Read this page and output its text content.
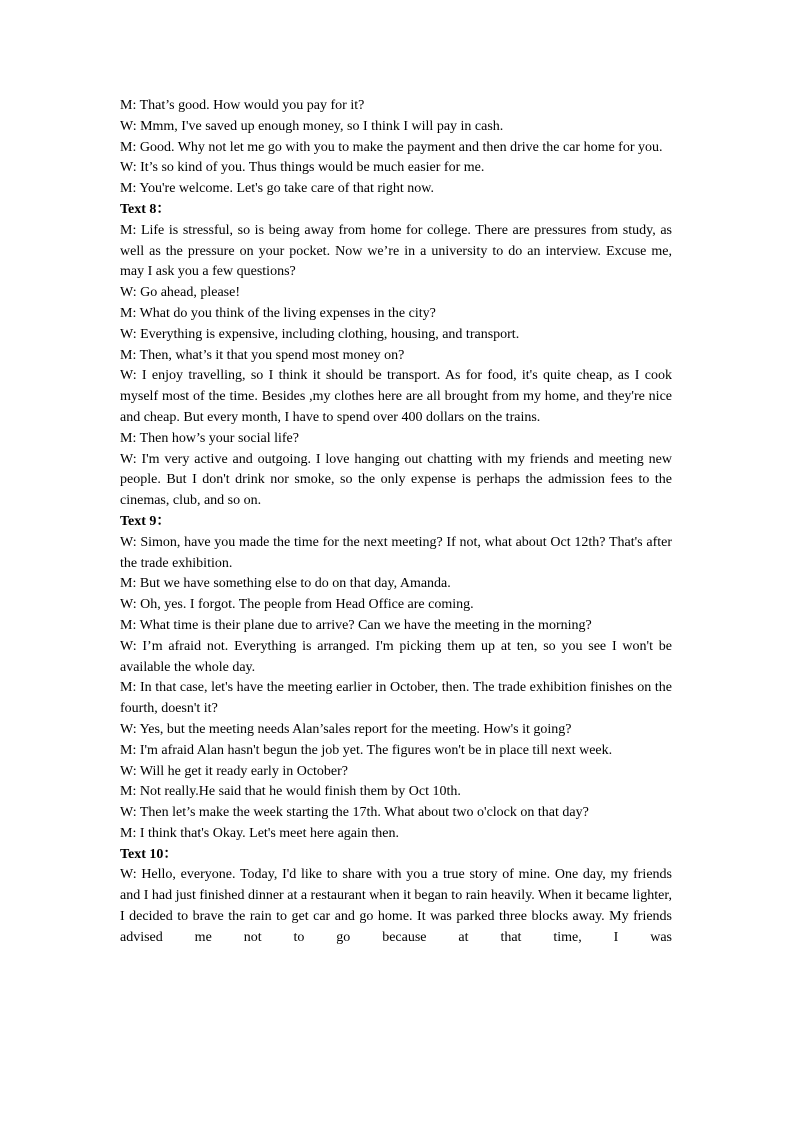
M: That’s good. How would you pay for it?

W: Mmm, I've saved up enough money, so I think I will pay in cash.

M: Good. Why not let me go with you to make the payment and then drive the car home for you.

W: It’s so kind of you. Thus things would be much easier for me.

M: You're welcome. Let's go take care of that right now.

Text 8：

M: Life is stressful, so is being away from home for college. There are pressures from study, as well as the pressure on your pocket. Now we’re in a university to do an interview. Excuse me, may I ask you a few questions?

W: Go ahead, please!

M: What do you think of the living expenses in the city?

W: Everything is expensive, including clothing, housing, and transport.

M: Then, what’s it that you spend most money on?

W: I enjoy travelling, so I think it should be transport. As for food, it's quite cheap, as I cook myself most of the time. Besides ,my clothes here are all brought from my home, and they're nice and cheap. But every month, I have to spend over 400 dollars on the trains.

M: Then how’s your social life?

W: I'm very active and outgoing. I love hanging out chatting with my friends and meeting new people. But I don't drink nor smoke, so the only expense is perhaps the admission fees to the cinemas, club, and so on.

Text 9：

W: Simon, have you made the time for the next meeting? If not, what about Oct 12th? That's after the trade exhibition.

M: But we have something else to do on that day, Amanda.

W: Oh, yes. I forgot. The people from Head Office are coming.

M: What time is their plane due to arrive? Can we have the meeting in the morning?

W: I’m afraid not. Everything is arranged. I'm picking them up at ten, so you see I won't be available the whole day.

M: In that case, let's have the meeting earlier in October, then. The trade exhibition finishes on the fourth, doesn't it?

W: Yes, but the meeting needs Alan’sales report for the meeting. How's it going?

M: I'm afraid Alan hasn't begun the job yet. The figures won't be in place till next week.

W: Will he get it ready early in October?

M: Not really.He said that he would finish them by Oct 10th.

W: Then let’s make the week starting the 17th. What about two o'clock on that day?

M: I think that's Okay. Let's meet here again then.

Text 10：

W: Hello, everyone. Today, I'd like to share with you a true story of mine. One day, my friends and I had just finished dinner at a restaurant when it began to rain heavily. When it became lighter, I decided to brave the rain to get car and go home. It was parked three blocks away. My friends advised me not to go because at that time, I was
